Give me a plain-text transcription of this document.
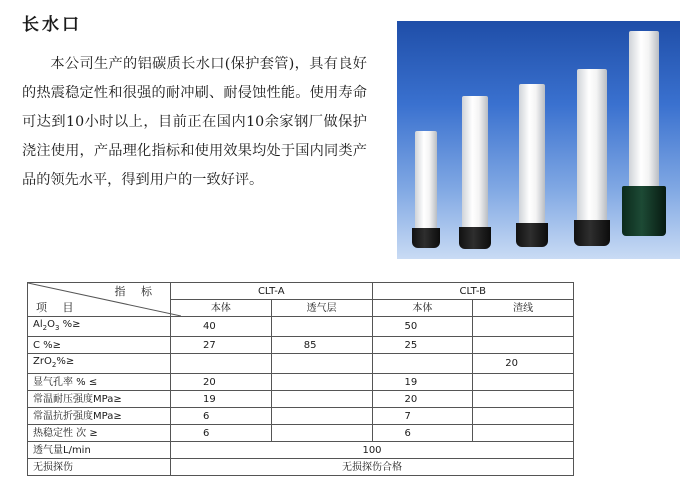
长水口

本公司生产的铝碳质长水口(保护套管)，具有良好的热震稳定性和很强的耐冲刷、耐侵蚀性能。使用寿命可达到10小时以上，目前正在国内10余家钢厂做保护浇注使用，产品理化指标和使用效果均处于国内同类产品的领先水平，得到用户的一致好评。

指 标
项 目	CLT-A		CLT-B	
	本体	透气层	本体	渣线
$Al_2O_3$ %≥	40		50	
C %≥	27	85	25	
ZrO$_2$%≥				20
显气孔率 % ≤	20		19	
常温耐压强度MPa≥	19		20	
常温抗折强度MPa≥	6		7	
热稳定性 次 ≥	6		6	
透气量L/min	100			
无损探伤	无损探伤合格			
